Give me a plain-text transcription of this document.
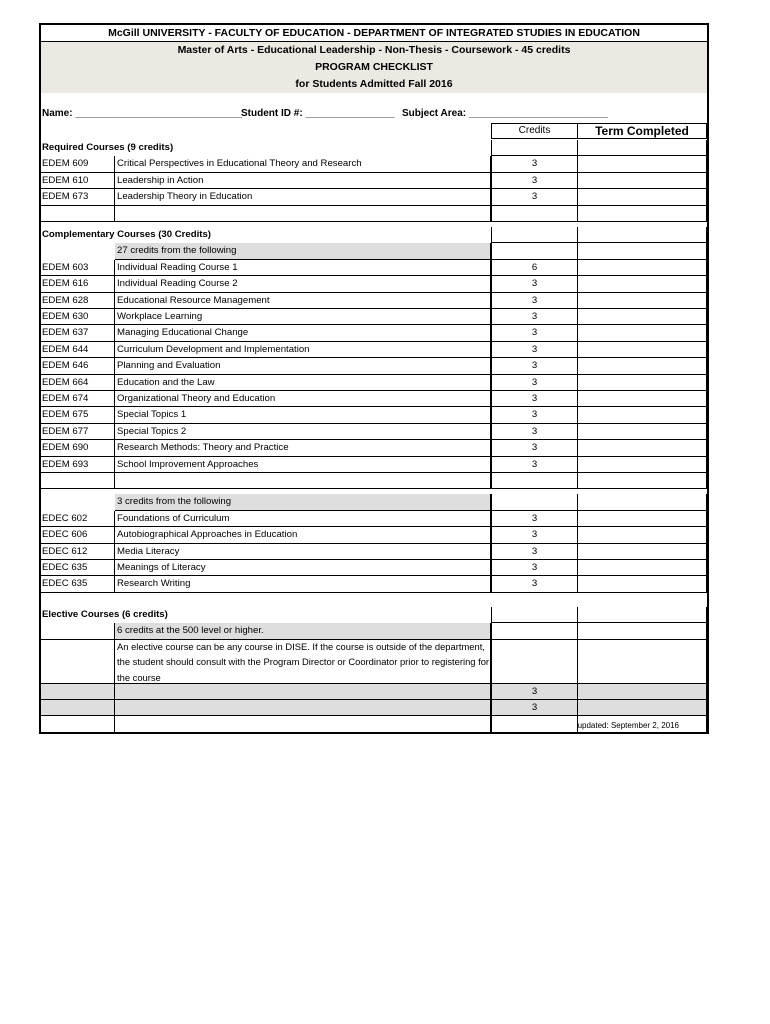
McGill UNIVERSITY - FACULTY OF EDUCATION - DEPARTMENT OF INTEGRATED STUDIES IN EDUCATION
Master of Arts - Educational Leadership - Non-Thesis - Coursework - 45 credits
PROGRAM CHECKLIST
for Students Admitted Fall 2016
Name: ______________________________
Student ID #: ________________ Subject Area: _________________________
Credits	Term Completed
Required Courses (9 credits)
EDEM 609	Critical Perspectives in Educational Theory and Research	3
EDEM 610	Leadership in Action	3
EDEM 673	Leadership Theory in Education	3
Complementary Courses (30 Credits)
27 credits from the following
EDEM 603	Individual Reading Course 1	6
EDEM 616	Individual Reading Course 2	3
EDEM 628	Educational Resource Management	3
EDEM 630	Workplace Learning	3
EDEM 637	Managing Educational Change	3
EDEM 644	Curriculum Development and Implementation	3
EDEM 646	Planning and Evaluation	3
EDEM 664	Education and the Law	3
EDEM 674	Organizational Theory and Education	3
EDEM 675	Special Topics 1	3
EDEM 677	Special Topics 2	3
EDEM 690	Research Methods: Theory and Practice	3
EDEM 693	School Improvement Approaches	3
3 credits from the following
EDEC 602	Foundations of Curriculum	3
EDEC 606	Autobiographical Approaches in Education	3
EDEC 612	Media Literacy	3
EDEC 635	Meanings of Literacy	3
EDEC 635	Research Writing	3
Elective Courses (6 credits)
6 credits at the 500 level or higher.
An elective course can be any course in DISE. If the course is outside of the department, the student should consult with the Program Director or Coordinator prior to registering for the course
3
3
updated: September 2, 2016
